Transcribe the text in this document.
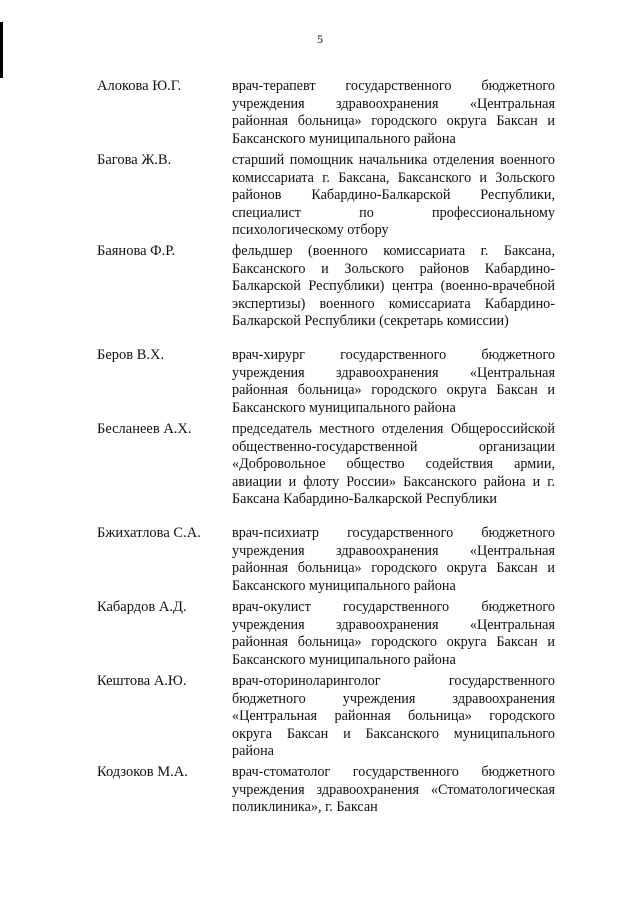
5
Алокова Ю.Г.	врач-терапевт государственного бюджетного учреждения здравоохранения «Центральная районная больница» городского округа Баксан и Баксанского муниципального района
Багова Ж.В.	старший помощник начальника отделения военного комиссариата г. Баксана, Баксанского и Зольского районов Кабардино-Балкарской Республики, специалист по профессиональному психологическому отбору
Баянова Ф.Р.	фельдшер (военного комиссариата г. Баксана, Баксанского и Зольского районов Кабардино-Балкарской Республики) центра (военно-врачебной экспертизы) военного комиссариата Кабардино-Балкарской Республики (секретарь комиссии)
Беров В.Х.	врач-хирург государственного бюджетного учреждения здравоохранения «Центральная районная больница» городского округа Баксан и Баксанского муниципального района
Бесланеев А.Х.	председатель местного отделения Общероссийской общественно-государственной организации «Добровольное общество содействия армии, авиации и флоту России» Баксанского района и г. Баксана Кабардино-Балкарской Республики
Бжихатлова С.А. врач-психиатр государственного бюджетного учреждения здравоохранения «Центральная районная больница» городского округа Баксан и Баксанского муниципального района
Кабардов А.Д.	врач-окулист государственного бюджетного учреждения здравоохранения «Центральная районная больница» городского округа Баксан и Баксанского муниципального района
Кештова А.Ю.	врач-оториноларинголог государственного бюджетного учреждения здравоохранения «Центральная районная больница» городского округа Баксан и Баксанского муниципального района
Кодзоков М.А.	врач-стоматолог государственного бюджетного учреждения здравоохранения «Стоматологическая поликлиника», г. Баксан
